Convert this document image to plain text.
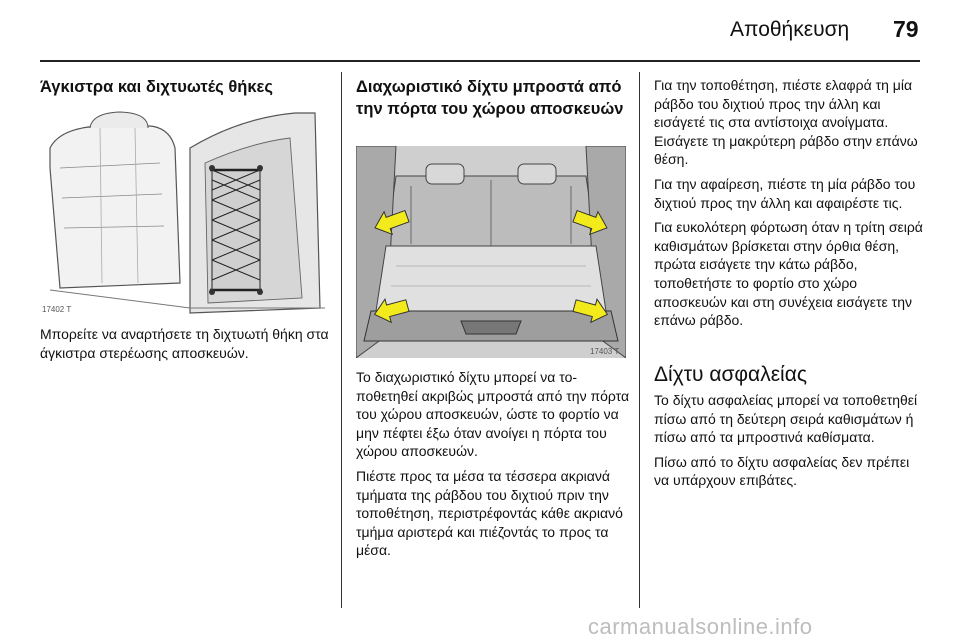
Αποθήκευση 79
Άγκιστρα και διχτυωτές θήκες
17402 T

Μπορείτε να αναρτήσετε τη διχτυωτή θήκη στα άγκιστρα στερέωσης αποσκευών.

Διαχωριστικό δίχτυ μπροστά από την πόρτα του χώρου αποσκευών
17403 T

Το διαχωριστικό δίχτυ μπορεί να τοποθετηθεί ακριβώς μπροστά από την πόρτα του χώρου αποσκευών, ώστε το φορτίο να μην πέφτει έξω όταν ανοίγει η πόρτα του χώρου αποσκευών.

Πιέστε προς τα μέσα τα τέσσερα ακριανά τμήματα της ράβδου του διχτιού πριν την τοποθέτηση, περιστρέφοντάς κάθε ακριανό τμήμα αριστερά και πιέζοντάς το προς τα μέσα.

Για την τοποθέτηση, πιέστε ελαφρά τη μία ράβδο του διχτιού προς την άλλη και εισάγετέ τις στα αντίστοιχα ανοίγματα. Εισάγετε τη μακρύτερη ράβδο στην επάνω θέση.

Για την αφαίρεση, πιέστε τη μία ράβδο του διχτιού προς την άλλη και αφαιρέστε τις.

Για ευκολότερη φόρτωση όταν η τρίτη σειρά καθισμάτων βρίσκεται στην όρθια θέση, πρώτα εισάγετε την κάτω ράβδο, τοποθετήστε το φορτίο στο χώρο αποσκευών και στη συνέχεια εισάγετε την επάνω ράβδο.

Δίχτυ ασφαλείας

Το δίχτυ ασφαλείας μπορεί να τοποθετηθεί πίσω από τη δεύτερη σειρά καθισμάτων ή πίσω από τα μπροστινά καθίσματα.

Πίσω από το δίχτυ ασφαλείας δεν πρέπει να υπάρχουν επιβάτες.

carmanualsonline.info
